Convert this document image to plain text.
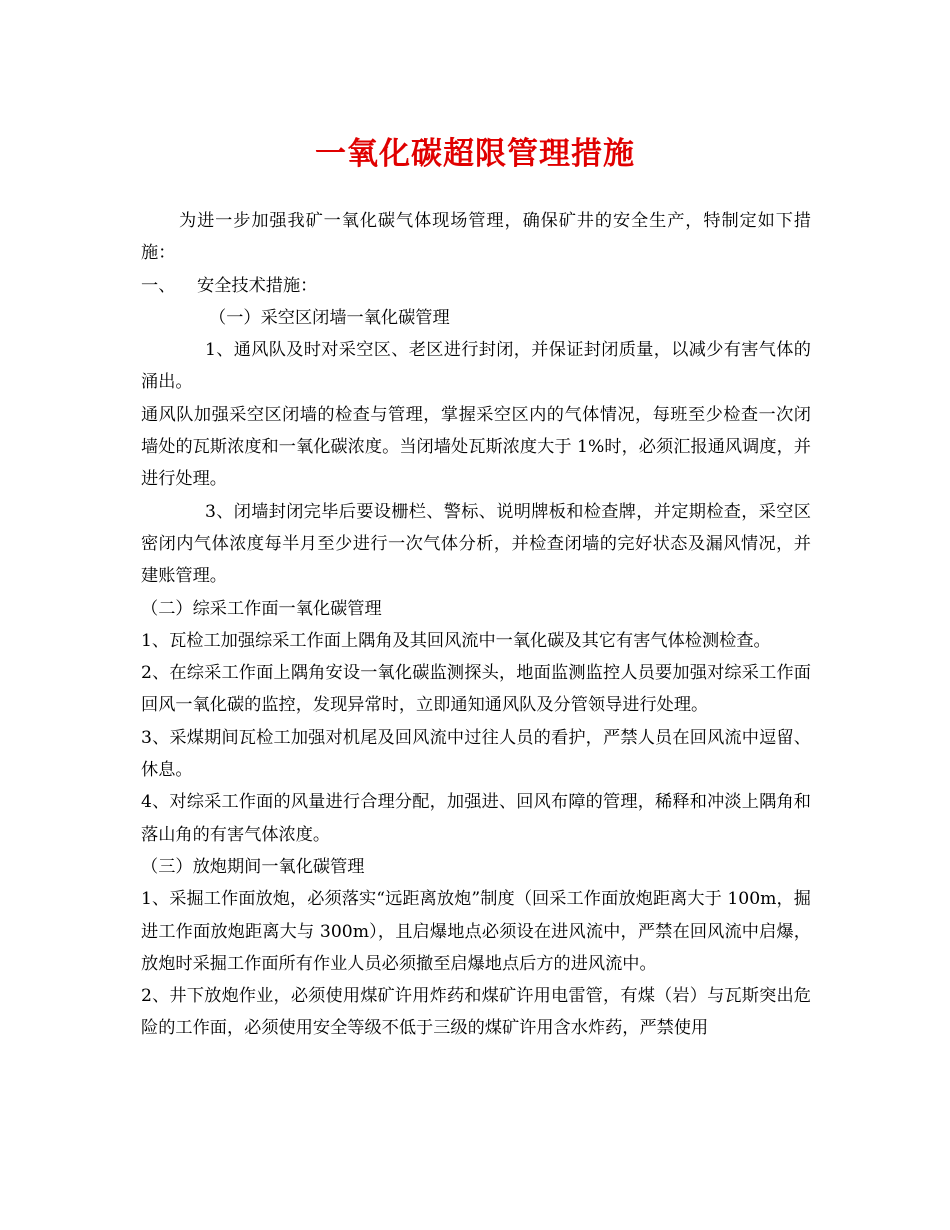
一氧化碳超限管理措施

为进一步加强我矿一氧化碳气体现场管理，确保矿井的安全生产，特制定如下措施：

一、	安全技术措施：

（一）采空区闭墙一氧化碳管理

1、通风队及时对采空区、老区进行封闭，并保证封闭质量，以减少有害气体的涌出。

通风队加强采空区闭墙的检查与管理，掌握采空区内的气体情况，每班至少检查一次闭墙处的瓦斯浓度和一氧化碳浓度。当闭墙处瓦斯浓度大于 1%时，必须汇报通风调度，并进行处理。

3、闭墙封闭完毕后要设栅栏、警标、说明牌板和检查牌，并定期检查，采空区密闭内气体浓度每半月至少进行一次气体分析，并检查闭墙的完好状态及漏风情况，并建账管理。

（二）综采工作面一氧化碳管理

1、瓦检工加强综采工作面上隅角及其回风流中一氧化碳及其它有害气体检测检查。

2、在综采工作面上隅角安设一氧化碳监测探头，地面监测监控人员要加强对综采工作面回风一氧化碳的监控，发现异常时，立即通知通风队及分管领导进行处理。

3、采煤期间瓦检工加强对机尾及回风流中过往人员的看护，严禁人员在回风流中逗留、休息。

4、对综采工作面的风量进行合理分配，加强进、回风布障的管理，稀释和冲淡上隅角和落山角的有害气体浓度。

（三）放炮期间一氧化碳管理

1、采掘工作面放炮，必须落实“远距离放炮”制度（回采工作面放炮距离大于 100m，掘进工作面放炮距离大与 300m），且启爆地点必须设在进风流中，严禁在回风流中启爆，放炮时采掘工作面所有作业人员必须撤至启爆地点后方的进风流中。

2、井下放炮作业，必须使用煤矿许用炸药和煤矿许用电雷管，有煤（岩）与瓦斯突出危险的工作面，必须使用安全等级不低于三级的煤矿许用含水炸药，严禁使用
